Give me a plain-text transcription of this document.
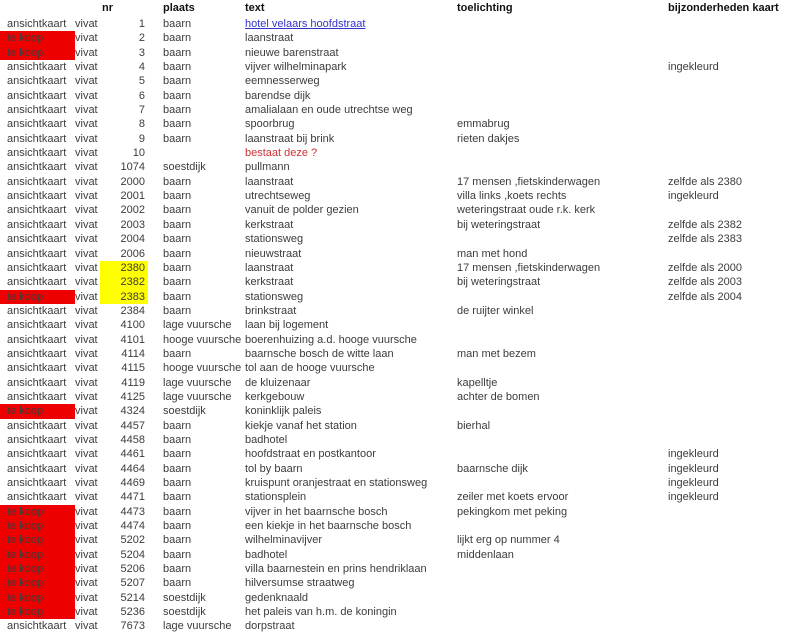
		nr	plaats	text	toelichting	bijzonderheden kaart
ansichtkaart	vivat	1	baarn	hotel velaars hoofdstraat		
te koop	vivat	2	baarn	laanstraat		
te koop	vivat	3	baarn	nieuwe barenstraat		
ansichtkaart	vivat	4	baarn	vijver wilhelminapark		ingekleurd
ansichtkaart	vivat	5	baarn	eemnesserweg		
ansichtkaart	vivat	6	baarn	barendse dijk		
ansichtkaart	vivat	7	baarn	amalialaan en oude utrechtse weg		
ansichtkaart	vivat	8	baarn	spoorbrug	emmabrug	
ansichtkaart	vivat	9	baarn	laanstraat bij brink	rieten dakjes	
ansichtkaart	vivat	10		bestaat deze ?		
ansichtkaart	vivat	1074	soestdijk	pullmann		
ansichtkaart	vivat	2000	baarn	laanstraat	17 mensen ,fietskinderwagen	zelfde als 2380
ansichtkaart	vivat	2001	baarn	utrechtseweg	villa links ,koets rechts	ingekleurd
ansichtkaart	vivat	2002	baarn	vanuit de polder gezien	weteringstraat oude r.k. kerk	
ansichtkaart	vivat	2003	baarn	kerkstraat	bij weteringstraat	zelfde als 2382
ansichtkaart	vivat	2004	baarn	stationsweg		zelfde als 2383
ansichtkaart	vivat	2006	baarn	nieuwstraat	man met hond	
ansichtkaart	vivat	2380	baarn	laanstraat	17 mensen ,fietskinderwagen	zelfde als 2000
ansichtkaart	vivat	2382	baarn	kerkstraat	bij weteringstraat	zelfde als 2003
te koop	vivat	2383	baarn	stationsweg		zelfde als 2004
ansichtkaart	vivat	2384	baarn	brinkstraat	de ruijter winkel	
ansichtkaart	vivat	4100	lage vuursche	laan bij logement		
ansichtkaart	vivat	4101	hooge vuursche	boerenhuizing a.d. hooge vuursche		
ansichtkaart	vivat	4114	baarn	baarnsche bosch de witte laan	man met bezem	
ansichtkaart	vivat	4115	hooge vuursche	tol aan de hooge vuursche		
ansichtkaart	vivat	4119	lage vuursche	de kluizenaar	kapelltje	
ansichtkaart	vivat	4125	lage vuursche	kerkgebouw	achter de bomen	
te koop	vivat	4324	soestdijk	koninklijk paleis		
ansichtkaart	vivat	4457	baarn	kiekje vanaf het station	bierhal	
ansichtkaart	vivat	4458	baarn	badhotel		
ansichtkaart	vivat	4461	baarn	hoofdstraat en postkantoor		ingekleurd
ansichtkaart	vivat	4464	baarn	tol by baarn	baarnsche dijk	ingekleurd
ansichtkaart	vivat	4469	baarn	kruispunt oranjestraat en stationsweg		ingekleurd
ansichtkaart	vivat	4471	baarn	stationsplein	zeiler met koets ervoor	ingekleurd
te koop	vivat	4473	baarn	vijver in het baarnsche bosch	pekingkom met peking	
te koop	vivat	4474	baarn	een kiekje in het baarnsche bosch		
te koop	vivat	5202	baarn	wilhelminavijver	lijkt erg op nummer 4	
te koop	vivat	5204	baarn	badhotel	middenlaan	
te koop	vivat	5206	baarn	villa baarnestein en prins hendriklaan		
te koop	vivat	5207	baarn	hilversumse straatweg		
te koop	vivat	5214	soestdijk	gedenknaald		
te koop	vivat	5236	soestdijk	het paleis van h.m. de koningin		
ansichtkaart	vivat	7673	lage vuursche	dorpstraat		
